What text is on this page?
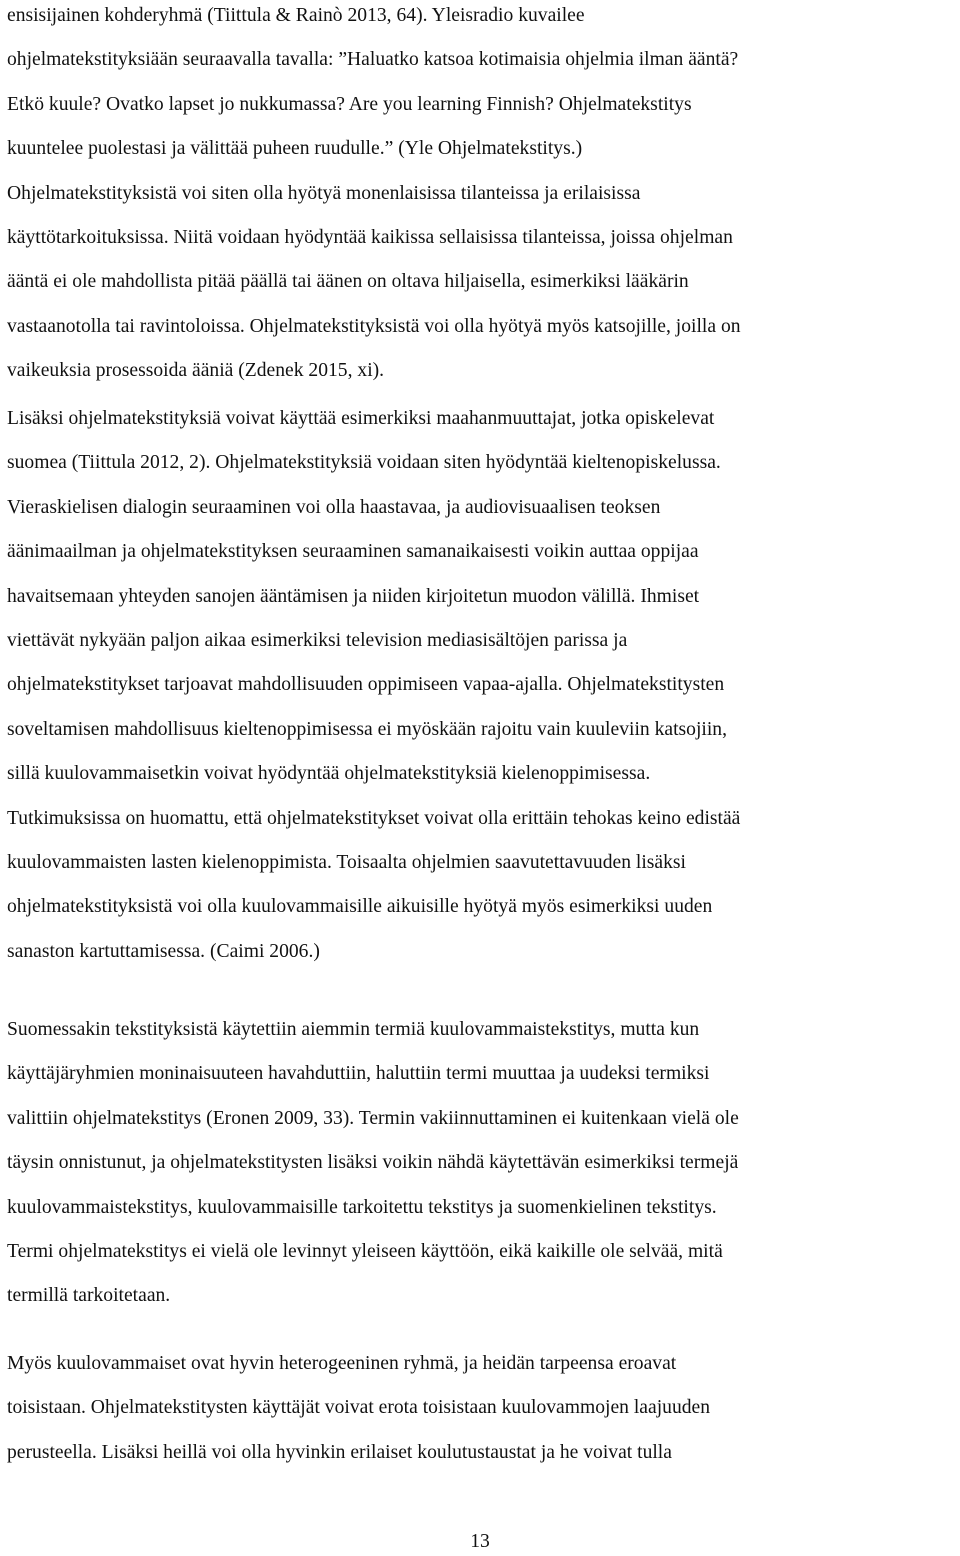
ensisijainen kohderyhmä (Tiittula & Rainò 2013, 64). Yleisradio kuvailee
ohjelmatekstityksiään seuraavalla tavalla: ”Haluatko katsoa kotimaisia ohjelmia ilman ääntä?
Etkö kuule? Ovatko lapset jo nukkumassa? Are you learning Finnish? Ohjelmatekstitys
kuuntelee puolestasi ja välittää puheen ruudulle.” (Yle Ohjelmatekstitys.)
Ohjelmatekstityksistä voi siten olla hyötyä monenlaisissa tilanteissa ja erilaisissa
käyttötarkoituksissa. Niitä voidaan hyödyntää kaikissa sellaisissa tilanteissa, joissa ohjelman
ääntä ei ole mahdollista pitää päällä tai äänen on oltava hiljaisella, esimerkiksi lääkärin
vastaanotolla tai ravintoloissa. Ohjelmatekstityksistä voi olla hyötyä myös katsojille, joilla on
vaikeuksia prosessoida ääniä (Zdenek 2015, xi).
Lisäksi ohjelmatekstityksiä voivat käyttää esimerkiksi maahanmuuttajat, jotka opiskelevat
suomea (Tiittula 2012, 2). Ohjelmatekstityksiä voidaan siten hyödyntää kieltenopiskelussa.
Vieraskielisen dialogin seuraaminen voi olla haastavaa, ja audiovisuaalisen teoksen
äänimaailman ja ohjelmatekstityksen seuraaminen samanaikaisesti voikin auttaa oppijaa
havaitsemaan yhteyden sanojen ääntämisen ja niiden kirjoitetun muodon välillä. Ihmiset
viettävät nykyään paljon aikaa esimerkiksi television mediasisältöjen parissa ja
ohjelmatekstitykset tarjoavat mahdollisuuden oppimiseen vapaa-ajalla. Ohjelmatekstitysten
soveltamisen mahdollisuus kieltenoppimisessa ei myöskään rajoitu vain kuuleviin katsojiin,
sillä kuulovammaisetkin voivat hyödyntää ohjelmatekstityksiä kielenoppimisessa.
Tutkimuksissa on huomattu, että ohjelmatekstitykset voivat olla erittäin tehokas keino edistää
kuulovammaisten lasten kielenoppimista. Toisaalta ohjelmien saavutettavuuden lisäksi
ohjelmatekstityksistä voi olla kuulovammaisille aikuisille hyötyä myös esimerkiksi uuden
sanaston kartuttamisessa. (Caimi 2006.)
Suomessakin tekstityksistä käytettiin aiemmin termiä kuulovammaistekstitys, mutta kun
käyttäjäryhmien moninaisuuteen havahduttiin, haluttiin termi muuttaa ja uudeksi termiksi
valittiin ohjelmatekstitys (Eronen 2009, 33). Termin vakiinnuttaminen ei kuitenkaan vielä ole
täysin onnistunut, ja ohjelmatekstitysten lisäksi voikin nähdä käytettävän esimerkiksi termejä
kuulovammaistekstitys, kuulovammaisille tarkoitettu tekstitys ja suomenkielinen tekstitys.
Termi ohjelmatekstitys ei vielä ole levinnyt yleiseen käyttöön, eikä kaikille ole selvää, mitä
termillä tarkoitetaan.
Myös kuulovammaiset ovat hyvin heterogeeninen ryhmä, ja heidän tarpeensa eroavat
toisistaan. Ohjelmatekstitysten käyttäjät voivat erota toisistaan kuulovammojen laajuuden
perusteella. Lisäksi heillä voi olla hyvinkin erilaiset koulutustaustat ja he voivat tulla
13
